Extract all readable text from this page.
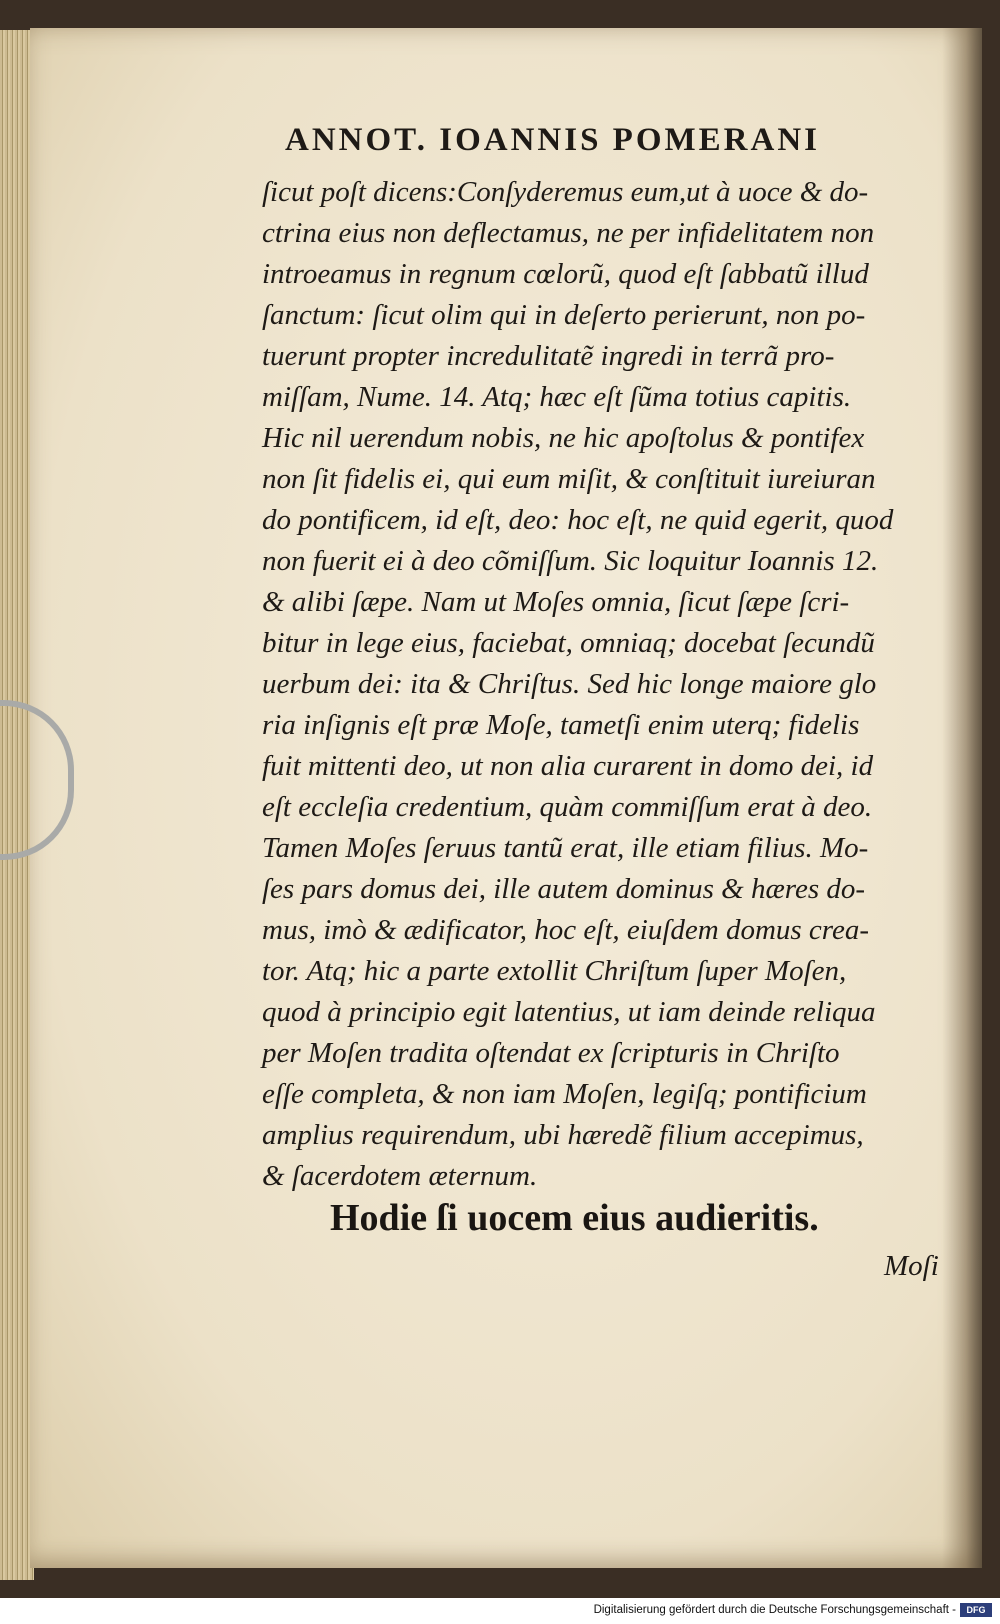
ANNOT. IOANNIS POMERANI
ſicut poſt dicens:Conſyderemus eum,ut à uoce & do-
ctrina eius non deflectamus, ne per infidelitatem non
introeamus in regnum cœlorũ, quod eſt ſabbatũ illud
ſanctum: ſicut olim qui in deſerto perierunt, non po-
tuerunt propter incredulitatẽ ingredi in terrã pro-
miſſam, Nume. 14. Atq; hæc eſt ſũma totius capitis.
Hic nil uerendum nobis, ne hic apoſtolus & pontifex
non ſit fidelis ei, qui eum miſit, & conſtituit iureiuran
do pontificem, id eſt, deo: hoc eſt, ne quid egerit, quod
non fuerit ei à deo cõmiſſum. Sic loquitur Ioannis 12.
& alibi ſæpe. Nam ut Moſes omnia, ſicut ſæpe ſcri-
bitur in lege eius, faciebat, omniaq; docebat ſecundũ
uerbum dei: ita & Chriſtus. Sed hic longe maiore glo
ria inſignis eſt præ Moſe, tametſi enim uterq; fidelis
fuit mittenti deo, ut non alia curarent in domo dei, id
eſt eccleſia credentium, quàm commiſſum erat à deo.
Tamen Moſes ſeruus tantũ erat, ille etiam filius. Mo-
ſes pars domus dei, ille autem dominus & hæres do-
mus, imò & ædificator, hoc eſt, eiuſdem domus crea-
tor. Atq; hic a parte extollit Chriſtum ſuper Moſen,
quod à principio egit latentius, ut iam deinde reliqua
per Moſen tradita oſtendat ex ſcripturis in Chriſto
eſſe completa, & non iam Moſen, legiſq; pontificium
amplius requirendum, ubi hæredẽ filium accepimus,
& ſacerdotem æternum.
Hodie ſi uocem eius audieritis.
Moſi
Digitalisierung gefördert durch die Deutsche Forschungsgemeinschaft -	DFG
